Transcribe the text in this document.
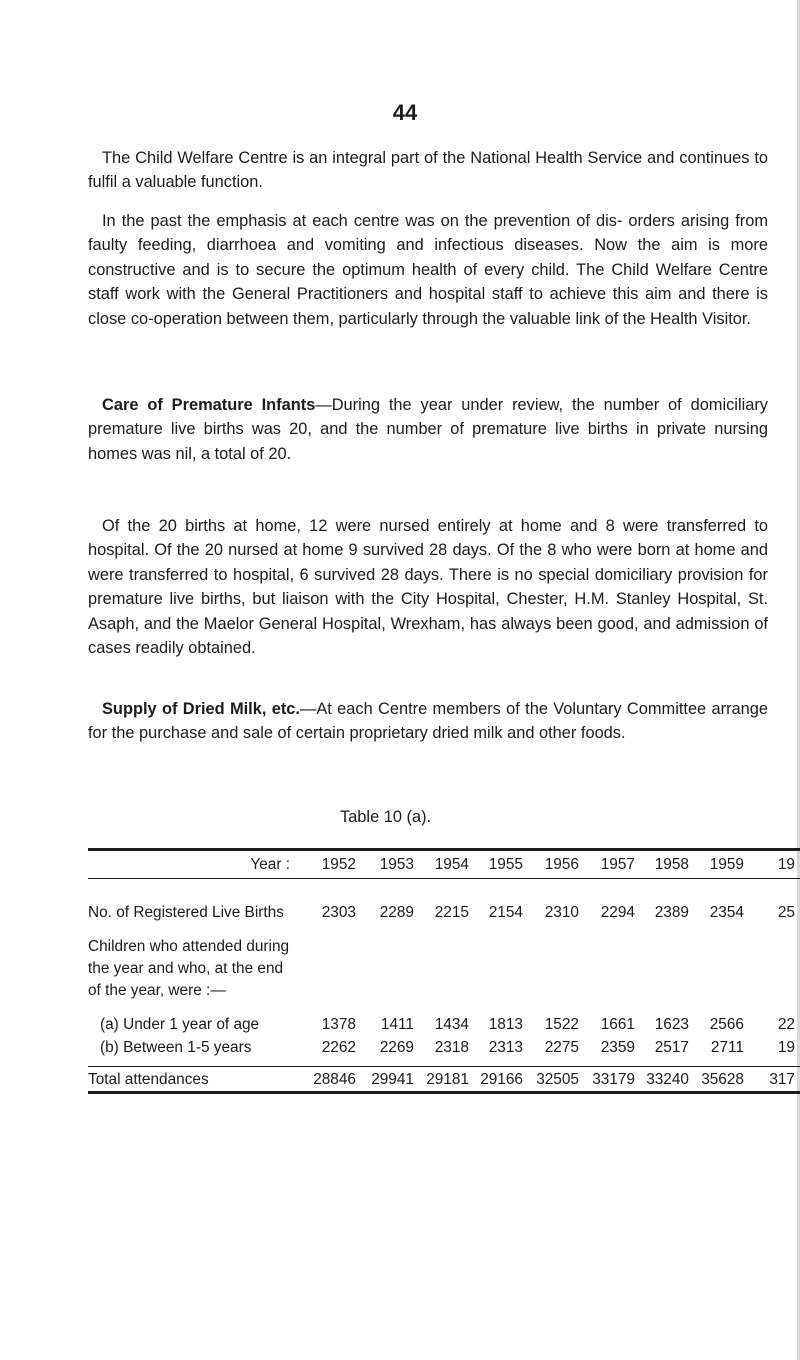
44

The Child Welfare Centre is an integral part of the National Health Service and continues to fulfil a valuable function.

In the past the emphasis at each centre was on the prevention of dis- orders arising from faulty feeding, diarrhoea and vomiting and infectious diseases. Now the aim is more constructive and is to secure the optimum health of every child. The Child Welfare Centre staff work with the General Practitioners and hospital staff to achieve this aim and there is close co-operation between them, particularly through the valuable link of the Health Visitor.

Care of Premature Infants—During the year under review, the number of domiciliary premature live births was 20, and the number of premature live births in private nursing homes was nil, a total of 20.

Of the 20 births at home, 12 were nursed entirely at home and 8 were transferred to hospital. Of the 20 nursed at home 9 survived 28 days. Of the 8 who were born at home and were transferred to hospital, 6 survived 28 days. There is no special domiciliary provision for premature live births, but liaison with the City Hospital, Chester, H.M. Stanley Hospital, St. Asaph, and the Maelor General Hospital, Wrexham, has always been good, and admission of cases readily obtained.

Supply of Dried Milk, etc.—At each Centre members of the Voluntary Committee arrange for the purchase and sale of certain proprietary dried milk and other foods.

Table 10 (a).
Year :	1952	1953	1954	1955	1956	1957	1958	1959	19
No. of Registered Live Births	2303	2289	2215	2154	2310	2294	2389	2354	25
Children who attended during
the year and who, at the end
of the year, were :—
(a) Under 1 year of age	1378	1411	1434	1813	1522	1661	1623	2566	22
(b) Between 1-5 years	2262	2269	2318	2313	2275	2359	2517	2711	19
Total attendances	28846 29941 29181 29166 32505 33179 33240 35628	317
